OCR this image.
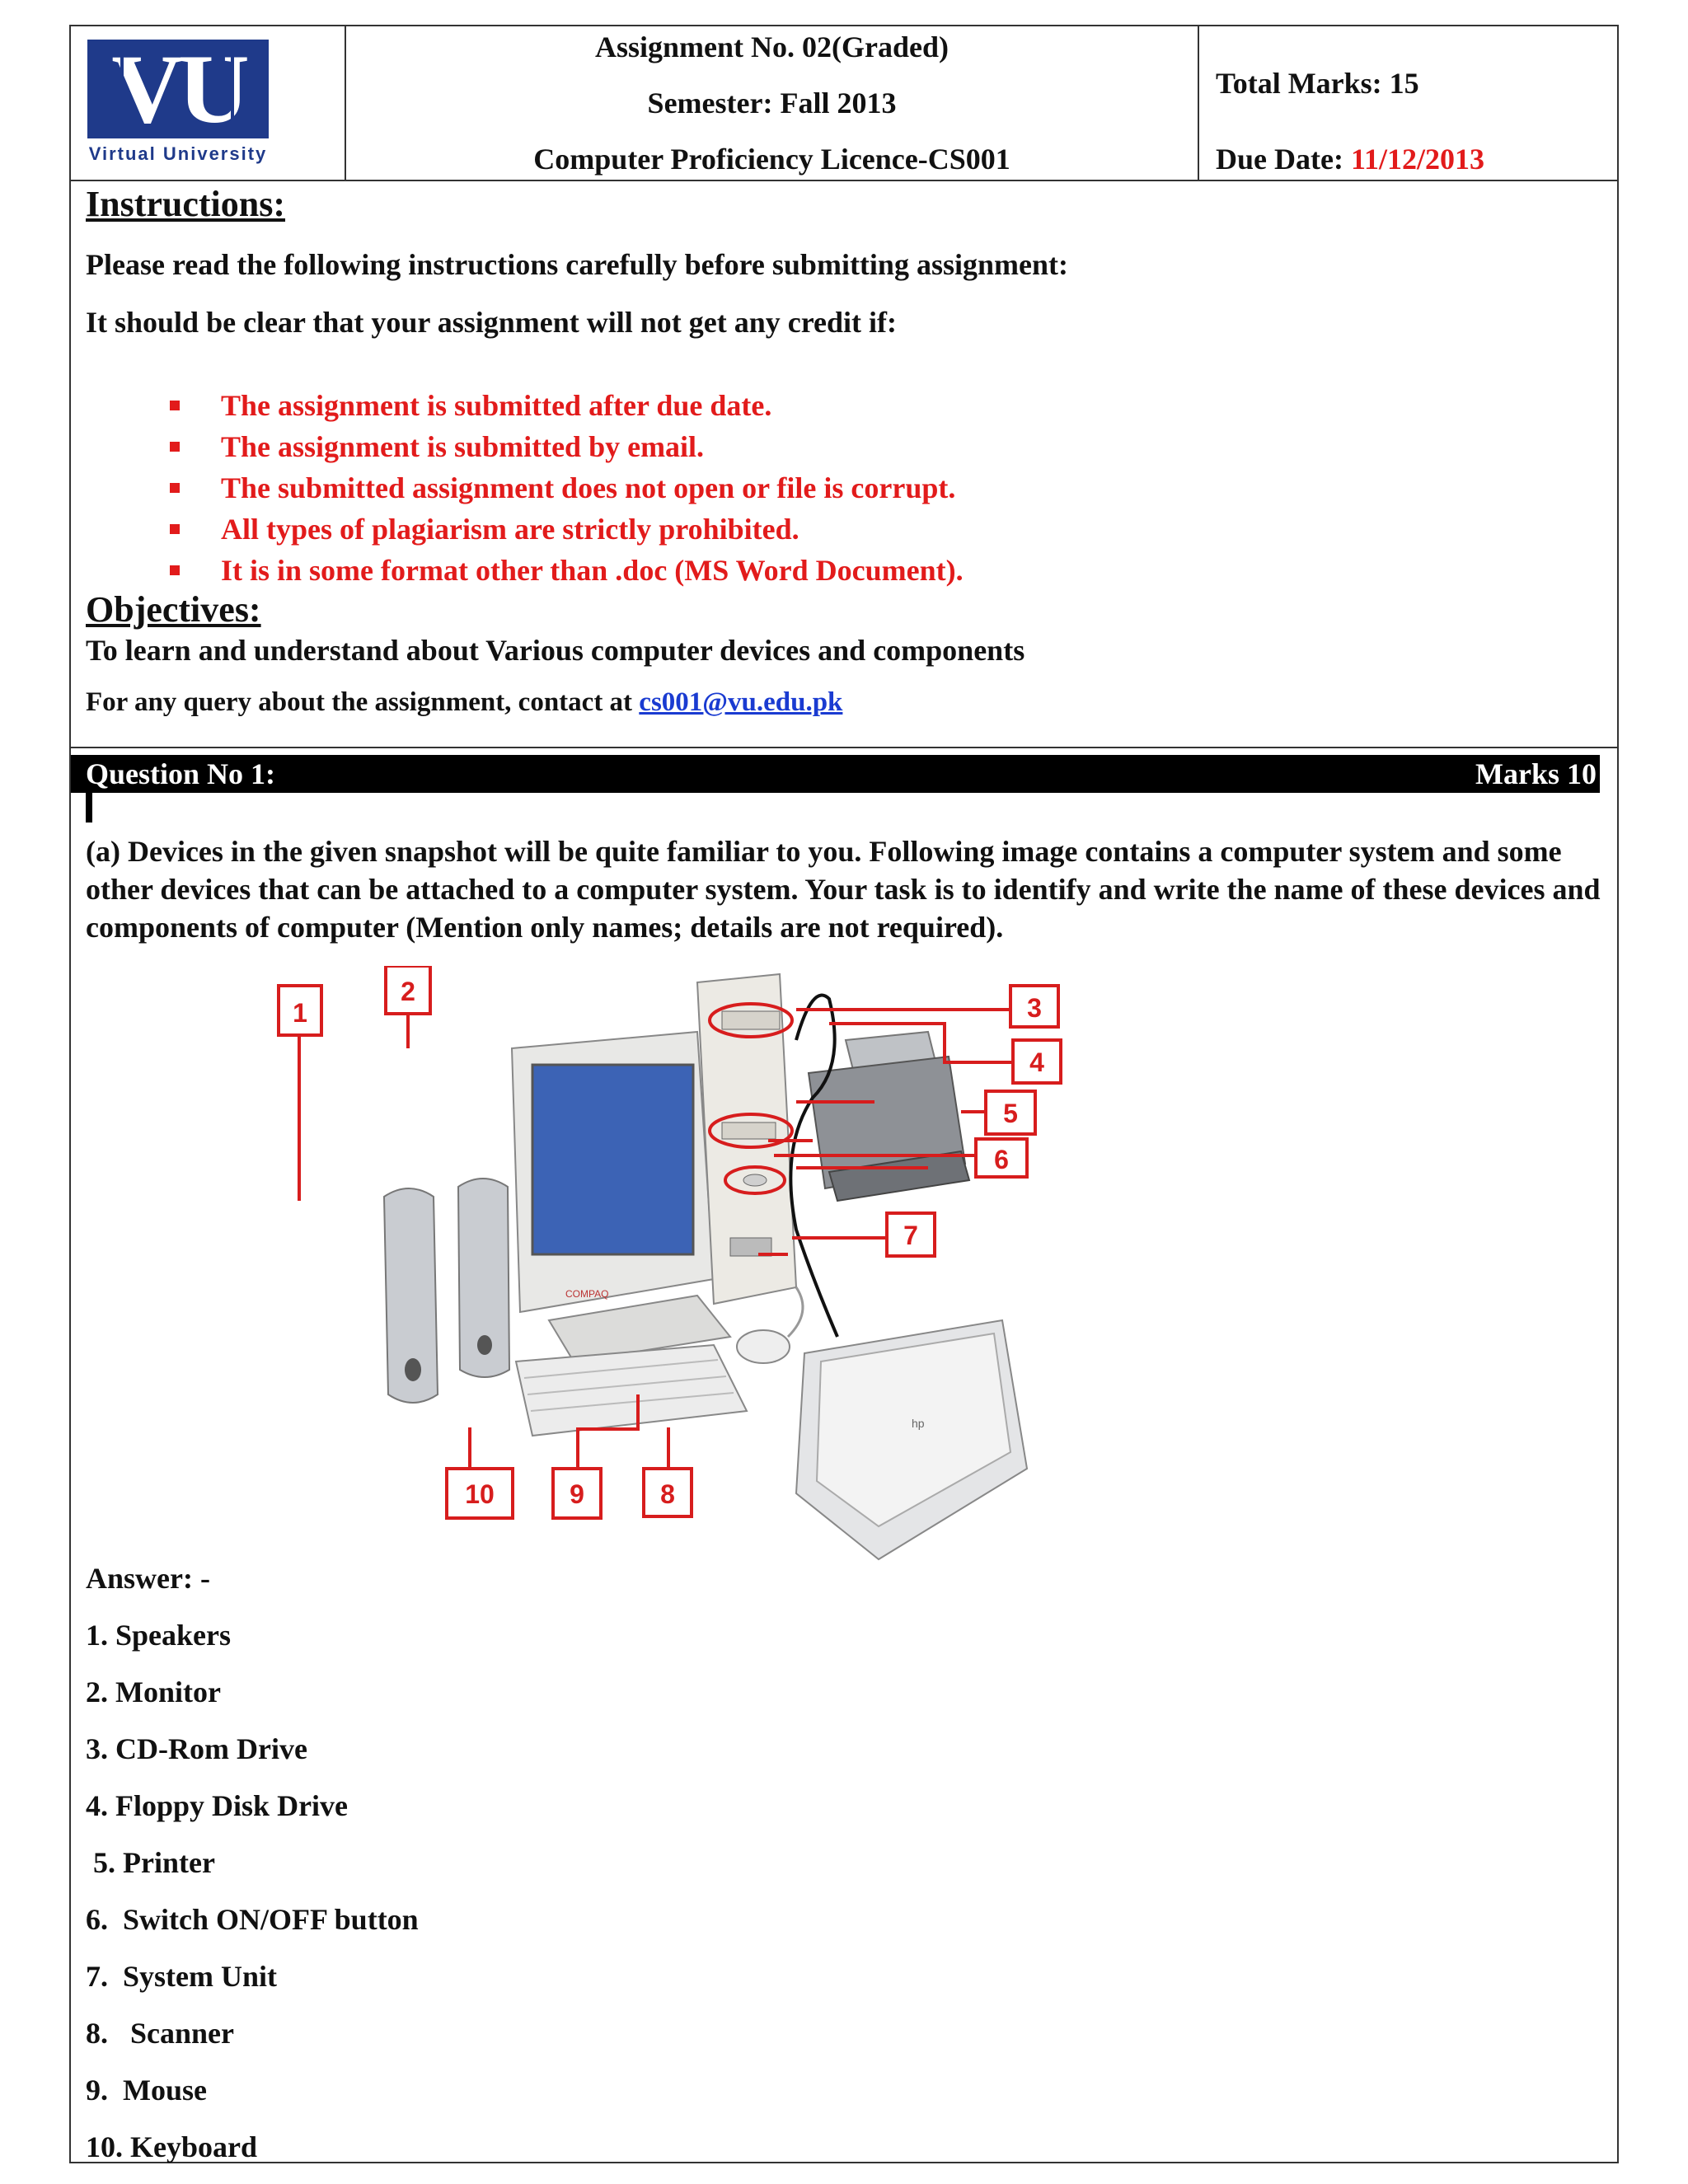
VU
Virtual University
Assignment No. 02(Graded)
Semester: Fall 2013
Computer Proficiency Licence-CS001
Total Marks: 15
Due Date: 11/12/2013
Instructions:
Please read the following instructions carefully before submitting assignment:
It should be clear that your assignment will not get any credit if:
The assignment is submitted after due date.
The assignment is submitted by email.
The submitted assignment does not open or file is corrupt.
All types of plagiarism are strictly prohibited.
It is in some format other than .doc (MS Word Document).
Objectives:
To learn and understand about Various computer devices and components
For any query about the assignment, contact at cs001@vu.edu.pk
Question No 1:	Marks 10
(a) Devices in the given snapshot will be quite familiar to you. Following image contains a computer system and some other devices that can be attached to a computer system. Your task is to identify and write the name of these devices and components of computer (Mention only names; details are not required).
COMPAQ
hp
1
2
3
4
5
6
7
10	9	8
Answer: -
1. Speakers
2. Monitor
3. CD-Rom Drive
4. Floppy Disk Drive
5. Printer
6.  Switch ON/OFF button
7.  System Unit
8.   Scanner
9.  Mouse
10. Keyboard
